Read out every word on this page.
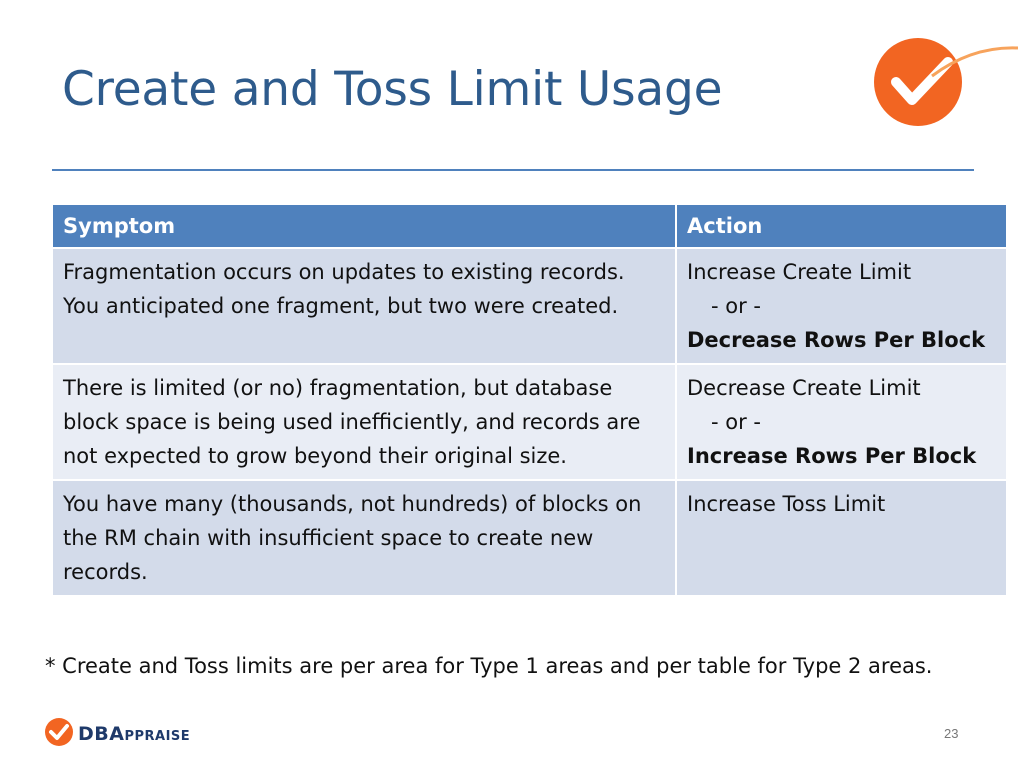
Create and Toss Limit Usage
Symptom	Action

Fragmentation occurs on updates to existing records.
You anticipated one fragment, but two were created.	Increase Create Limit
- or -
Decrease Rows Per Block

There is limited (or no) fragmentation, but database block space is being used inefficiently, and records are not expected to grow beyond their original size.	Decrease Create Limit
- or -
Increase Rows Per Block

You have many (thousands, not hundreds) of blocks on the RM chain with insufficient space to create new records.	Increase Toss Limit
* Create and Toss limits are per area for Type 1 areas and per table for Type 2 areas.
DBAPPRAISE	23
